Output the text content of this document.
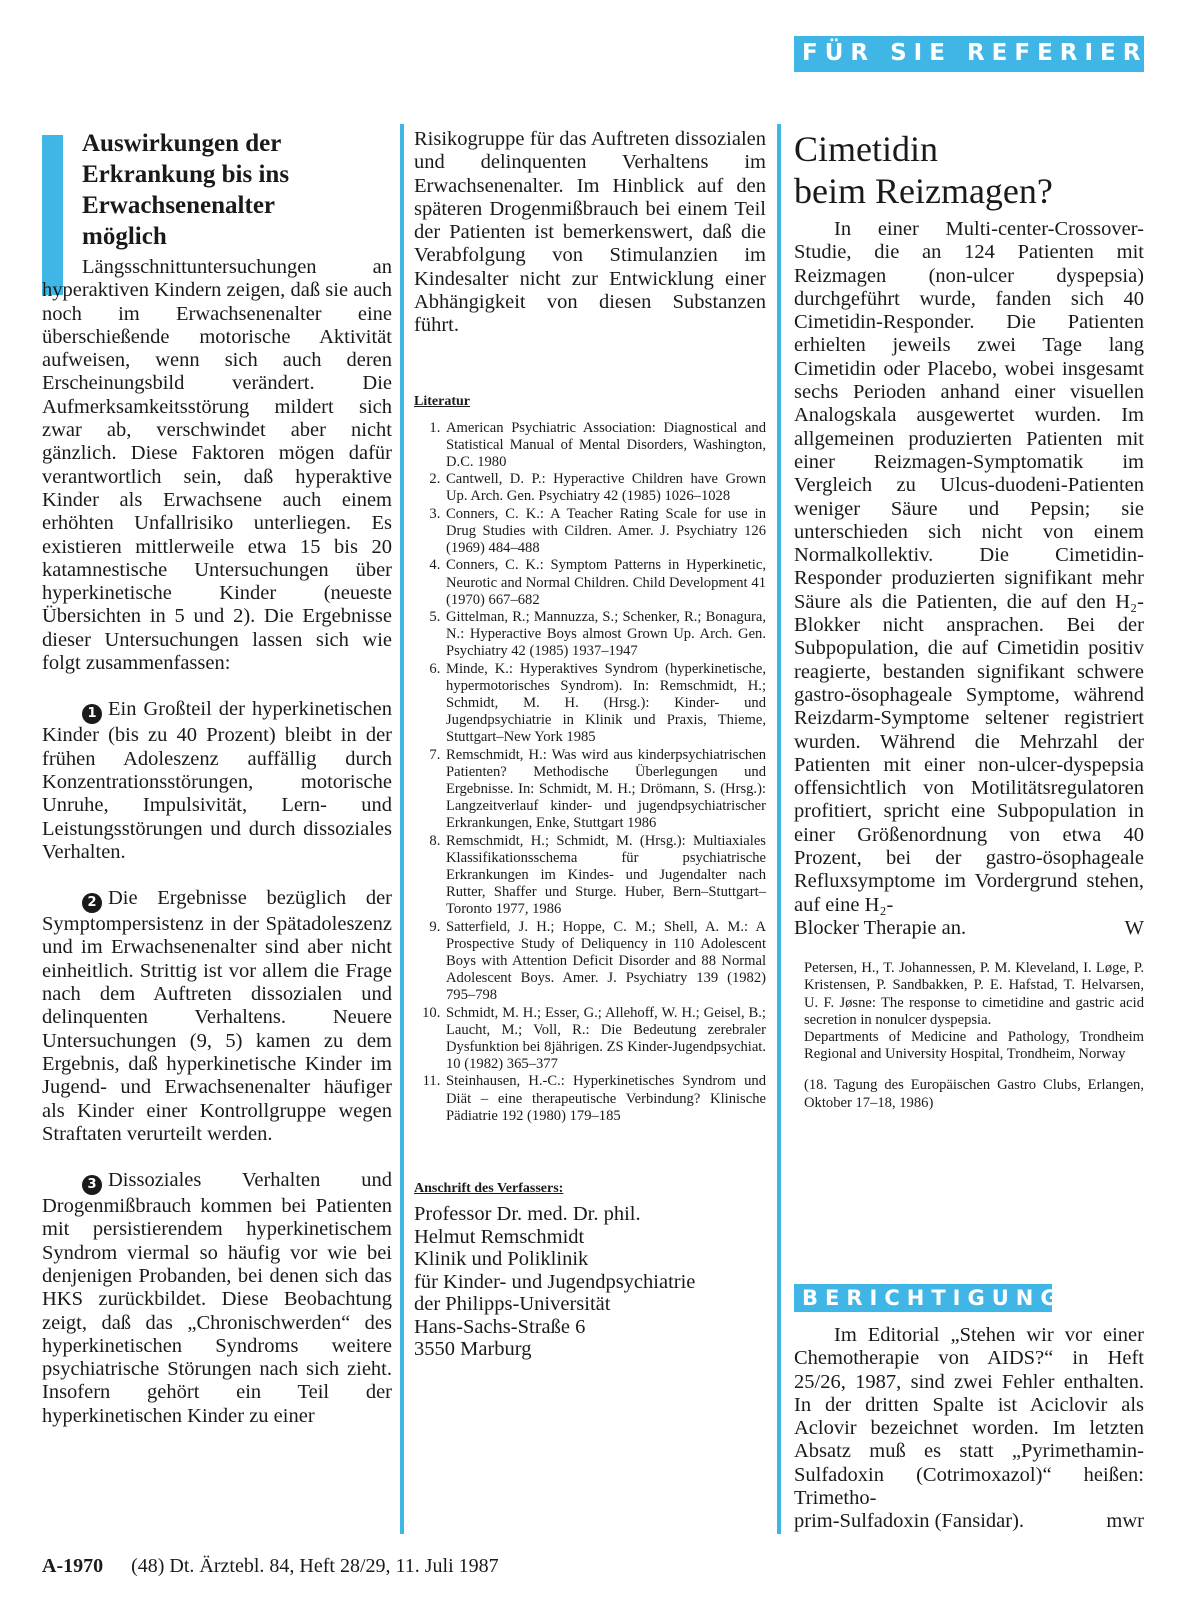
FÜR SIE REFERIERT
Auswirkungen der
Erkrankung bis ins
Erwachsenenalter
möglich

Längsschnittuntersuchungen an hyperaktiven Kindern zeigen, daß sie auch noch im Erwachsenenalter eine überschießende motorische Aktivität aufweisen, wenn sich auch deren Erscheinungsbild verändert. Die Aufmerksamkeitsstörung mildert sich zwar ab, verschwindet aber nicht gänzlich. Diese Faktoren mögen dafür verantwortlich sein, daß hyperaktive Kinder als Erwachsene auch einem erhöhten Unfallrisiko unterliegen. Es existieren mittlerweile etwa 15 bis 20 katamnestische Untersuchungen über hyperkinetische Kinder (neueste Übersichten in 5 und 2). Die Ergebnisse dieser Untersuchungen lassen sich wie folgt zusammenfassen:

1 Ein Großteil der hyperkinetischen Kinder (bis zu 40 Prozent) bleibt in der frühen Adoleszenz auffällig durch Konzentrationsstörungen, motorische Unruhe, Impulsivität, Lern- und Leistungsstörungen und durch dissoziales Verhalten.

2 Die Ergebnisse bezüglich der Symptompersistenz in der Spätadoleszenz und im Erwachsenenalter sind aber nicht einheitlich. Strittig ist vor allem die Frage nach dem Auftreten dissozialen und delinquenten Verhaltens. Neuere Untersuchungen (9, 5) kamen zu dem Ergebnis, daß hyperkinetische Kinder im Jugend- und Erwachsenenalter häufiger als Kinder einer Kontrollgruppe wegen Straftaten verurteilt werden.

3 Dissoziales Verhalten und Drogenmißbrauch kommen bei Patienten mit persistierendem hyperkinetischem Syndrom viermal so häufig vor wie bei denjenigen Probanden, bei denen sich das HKS zurückbildet. Diese Beobachtung zeigt, daß das „Chronischwerden“ des hyperkinetischen Syndroms weitere psychiatrische Störungen nach sich zieht. Insofern gehört ein Teil der hyperkinetischen Kinder zu einer

Risikogruppe für das Auftreten dissozialen und delinquenten Verhaltens im Erwachsenenalter. Im Hinblick auf den späteren Drogenmißbrauch bei einem Teil der Patienten ist bemerkenswert, daß die Verabfolgung von Stimulanzien im Kindesalter nicht zur Entwicklung einer Abhängigkeit von diesen Substanzen führt.

Literatur
1. American Psychiatric Association: Diagnostical and Statistical Manual of Mental Disorders, Washington, D.C. 1980
2. Cantwell, D. P.: Hyperactive Children have Grown Up. Arch. Gen. Psychiatry 42 (1985) 1026–1028
3. Conners, C. K.: A Teacher Rating Scale for use in Drug Studies with Cildren. Amer. J. Psychiatry 126 (1969) 484–488
4. Conners, C. K.: Symptom Patterns in Hyperkinetic, Neurotic and Normal Children. Child Development 41 (1970) 667–682
5. Gittelman, R.; Mannuzza, S.; Schenker, R.; Bonagura, N.: Hyperactive Boys almost Grown Up. Arch. Gen. Psychiatry 42 (1985) 1937–1947
6. Minde, K.: Hyperaktives Syndrom (hyperkinetische, hypermotorisches Syndrom). In: Remschmidt, H.; Schmidt, M. H. (Hrsg.): Kinder- und Jugendpsychiatrie in Klinik und Praxis, Thieme, Stuttgart–New York 1985
7. Remschmidt, H.: Was wird aus kinderpsychiatrischen Patienten? Methodische Überlegungen und Ergebnisse. In: Schmidt, M. H.; Drömann, S. (Hrsg.): Langzeitverlauf kinder- und jugendpsychiatrischer Erkrankungen, Enke, Stuttgart 1986
8. Remschmidt, H.; Schmidt, M. (Hrsg.): Multiaxiales Klassifikationsschema für psychiatrische Erkrankungen im Kindes- und Jugendalter nach Rutter, Shaffer und Sturge. Huber, Bern–Stuttgart–Toronto 1977, 1986
9. Satterfield, J. H.; Hoppe, C. M.; Shell, A. M.: A Prospective Study of Deliquency in 110 Adolescent Boys with Attention Deficit Disorder and 88 Normal Adolescent Boys. Amer. J. Psychiatry 139 (1982) 795–798
10. Schmidt, M. H.; Esser, G.; Allehoff, W. H.; Geisel, B.; Laucht, M.; Voll, R.: Die Bedeutung zerebraler Dysfunktion bei 8jährigen. ZS Kinder-Jugendpsychiat. 10 (1982) 365–377
11. Steinhausen, H.-C.: Hyperkinetisches Syndrom und Diät – eine therapeutische Verbindung? Klinische Pädiatrie 192 (1980) 179–185
Anschrift des Verfassers:

Professor Dr. med. Dr. phil.

Helmut Remschmidt

Klinik und Poliklinik

für Kinder- und Jugendpsychiatrie

der Philipps-Universität

Hans-Sachs-Straße 6

3550 Marburg

Cimetidin
beim Reizmagen?

In einer Multi-center-Crossover-Studie, die an 124 Patienten mit Reizmagen (non-ulcer dyspepsia) durchgeführt wurde, fanden sich 40 Cimetidin-Responder. Die Patienten erhielten jeweils zwei Tage lang Cimetidin oder Placebo, wobei insgesamt sechs Perioden anhand einer visuellen Analogskala ausgewertet wurden. Im allgemeinen produzierten Patienten mit einer Reizmagen-Symptomatik im Vergleich zu Ulcus-duodeni-Patienten weniger Säure und Pepsin; sie unterschieden sich nicht von einem Normalkollektiv. Die Cimetidin-Responder produzierten signifikant mehr Säure als die Patienten, die auf den H₂-Blokker nicht ansprachen. Bei der Subpopulation, die auf Cimetidin positiv reagierte, bestanden signifikant schwere gastro-ösophageale Symptome, während Reizdarm-Symptome seltener registriert wurden. Während die Mehrzahl der Patienten mit einer non-ulcer-dyspepsia offensichtlich von Motilitätsregulatoren profitiert, spricht eine Subpopulation in einer Größenordnung von etwa 40 Prozent, bei der gastro-ösophageale Refluxsymptome im Vordergrund stehen, auf eine H₂-

Blocker Therapie an.	W

Petersen, H., T. Johannessen, P. M. Kleveland, I. Løge, P. Kristensen, P. Sandbakken, P. E. Hafstad, T. Helvarsen, U. F. Jøsne: The response to cimetidine and gastric acid secretion in nonulcer dyspepsia.

Departments of Medicine and Pathology, Trondheim Regional and University Hospital, Trondheim, Norway

(18. Tagung des Europäischen Gastro Clubs, Erlangen, Oktober 17–18, 1986)

BERICHTIGUNG

Im Editorial „Stehen wir vor einer Chemotherapie von AIDS?“ in Heft 25/26, 1987, sind zwei Fehler enthalten. In der dritten Spalte ist Aciclovir als Aclovir bezeichnet worden. Im letzten Absatz muß es statt „Pyrimethamin-Sulfadoxin (Cotrimoxazol)“ heißen: Trimetho-

prim-Sulfadoxin (Fansidar).	mwr
A-1970 (48) Dt. Ärztebl. 84, Heft 28/29, 11. Juli 1987
